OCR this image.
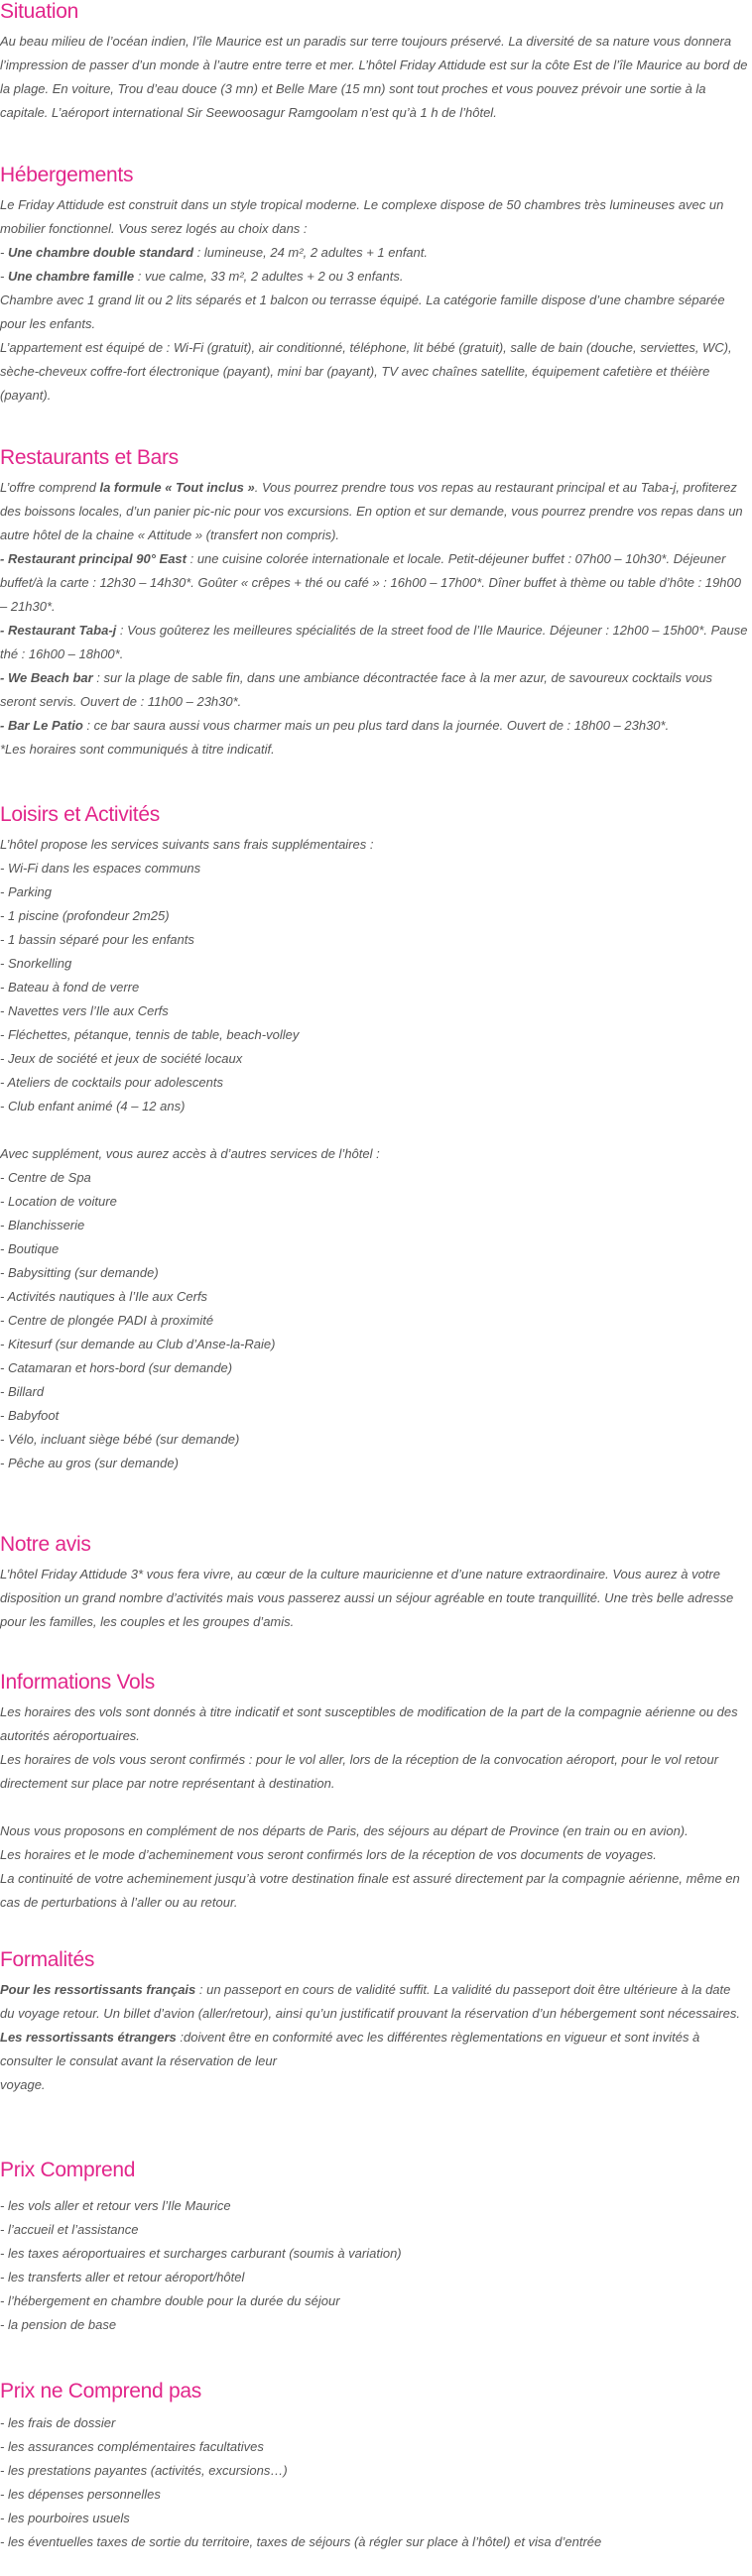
Situation
Au beau milieu de l’océan indien, l’île Maurice est un paradis sur terre toujours préservé. La diversité de sa nature vous donnera l’impression de passer d’un monde à l’autre entre terre et mer. L’hôtel Friday Attidude est sur la côte Est de l’île Maurice au bord de la plage. En voiture, Trou d’eau douce (3 mn) et Belle Mare (15 mn) sont tout proches et vous pouvez prévoir une sortie à la capitale. L’aéroport international Sir Seewoosagur Ramgoolam n’est qu’à 1 h de l’hôtel.
Hébergements
Le Friday Attidude est construit dans un style tropical moderne. Le complexe dispose de 50 chambres très lumineuses avec un mobilier fonctionnel. Vous serez logés au choix dans :
- Une chambre double standard : lumineuse, 24 m², 2 adultes + 1 enfant.
- Une chambre famille : vue calme, 33 m², 2 adultes + 2 ou 3 enfants.
Chambre avec 1 grand lit ou 2 lits séparés et 1 balcon ou terrasse équipé. La catégorie famille dispose d’une chambre séparée pour les enfants.
L’appartement est équipé de : Wi-Fi (gratuit), air conditionné, téléphone, lit bébé (gratuit), salle de bain (douche, serviettes, WC), sèche-cheveux coffre-fort électronique (payant), mini bar (payant), TV avec chaînes satellite, équipement cafetière et théière (payant).
Restaurants et Bars
L’offre comprend la formule « Tout inclus ». Vous pourrez prendre tous vos repas au restaurant principal et au Taba-j, profiterez des boissons locales, d’un panier pic-nic pour vos excursions. En option et sur demande, vous pourrez prendre vos repas dans un autre hôtel de la chaine « Attitude » (transfert non compris).
- Restaurant principal 90° East : une cuisine colorée internationale et locale. Petit-déjeuner buffet : 07h00 – 10h30*. Déjeuner buffet/à la carte : 12h30 – 14h30*. Goûter « crêpes + thé ou café » : 16h00 – 17h00*. Dîner buffet à thème ou table d’hôte : 19h00 – 21h30*.
- Restaurant Taba-j : Vous goûterez les meilleures spécialités de la street food de l’Ile Maurice. Déjeuner : 12h00 – 15h00*. Pause thé : 16h00 – 18h00*.
- We Beach bar : sur la plage de sable fin, dans une ambiance décontractée face à la mer azur, de savoureux cocktails vous seront servis. Ouvert de : 11h00 – 23h30*.
- Bar Le Patio : ce bar saura aussi vous charmer mais un peu plus tard dans la journée. Ouvert de : 18h00 – 23h30*.
*Les horaires sont communiqués à titre indicatif.
Loisirs et Activités
L’hôtel propose les services suivants sans frais supplémentaires :
- Wi-Fi dans les espaces communs
- Parking
- 1 piscine (profondeur 2m25)
- 1 bassin séparé pour les enfants
- Snorkelling
- Bateau à fond de verre
- Navettes vers l’Ile aux Cerfs
- Fléchettes, pétanque, tennis de table, beach-volley
- Jeux de société et jeux de société locaux
- Ateliers de cocktails pour adolescents
- Club enfant animé (4 – 12 ans)
Avec supplément, vous aurez accès à d’autres services de l’hôtel :
- Centre de Spa
- Location de voiture
- Blanchisserie
- Boutique
- Babysitting (sur demande)
- Activités nautiques à l’Ile aux Cerfs
- Centre de plongée PADI à proximité
- Kitesurf (sur demande au Club d’Anse-la-Raie)
- Catamaran et hors-bord (sur demande)
- Billard
- Babyfoot
- Vélo, incluant siège bébé (sur demande)
- Pêche au gros (sur demande)
Notre avis
L’hôtel Friday Attidude 3* vous fera vivre, au cœur de la culture mauricienne et d’une nature extraordinaire. Vous aurez à votre disposition un grand nombre d’activités mais vous passerez aussi un séjour agréable en toute tranquillité. Une très belle adresse pour les familles, les couples et les groupes d’amis.
Informations Vols
Les horaires des vols sont donnés à titre indicatif et sont susceptibles de modification de la part de la compagnie aérienne ou des autorités aéroportuaires.
Les horaires de vols vous seront confirmés : pour le vol aller, lors de la réception de la convocation aéroport, pour le vol retour directement sur place par notre représentant à destination.
Nous vous proposons en complément de nos départs de Paris, des séjours au départ de Province (en train ou en avion).
Les horaires et le mode d’acheminement vous seront confirmés lors de la réception de vos documents de voyages.
La continuité de votre acheminement jusqu’à votre destination finale est assuré directement par la compagnie aérienne, même en cas de perturbations à l’aller ou au retour.
Formalités
Pour les ressortissants français : un passeport en cours de validité suffit. La validité du passeport doit être ultérieure à la date du voyage retour. Un billet d’avion (aller/retour), ainsi qu’un justificatif prouvant la réservation d’un hébergement sont nécessaires.
Les ressortissants étrangers :doivent être en conformité avec les différentes règlementations en vigueur et sont invités à consulter le consulat avant la réservation de leur
voyage.
Prix Comprend
- les vols aller et retour vers l’Ile Maurice
- l’accueil et l’assistance
- les taxes aéroportuaires et surcharges carburant (soumis à variation)
- les transferts aller et retour aéroport/hôtel
- l’hébergement en chambre double pour la durée du séjour
- la pension de base
Prix ne Comprend pas
- les frais de dossier
- les assurances complémentaires facultatives
- les prestations payantes (activités, excursions…)
- les dépenses personnelles
- les pourboires usuels
- les éventuelles taxes de sortie du territoire, taxes de séjours (à régler sur place à l’hôtel) et visa d’entrée
